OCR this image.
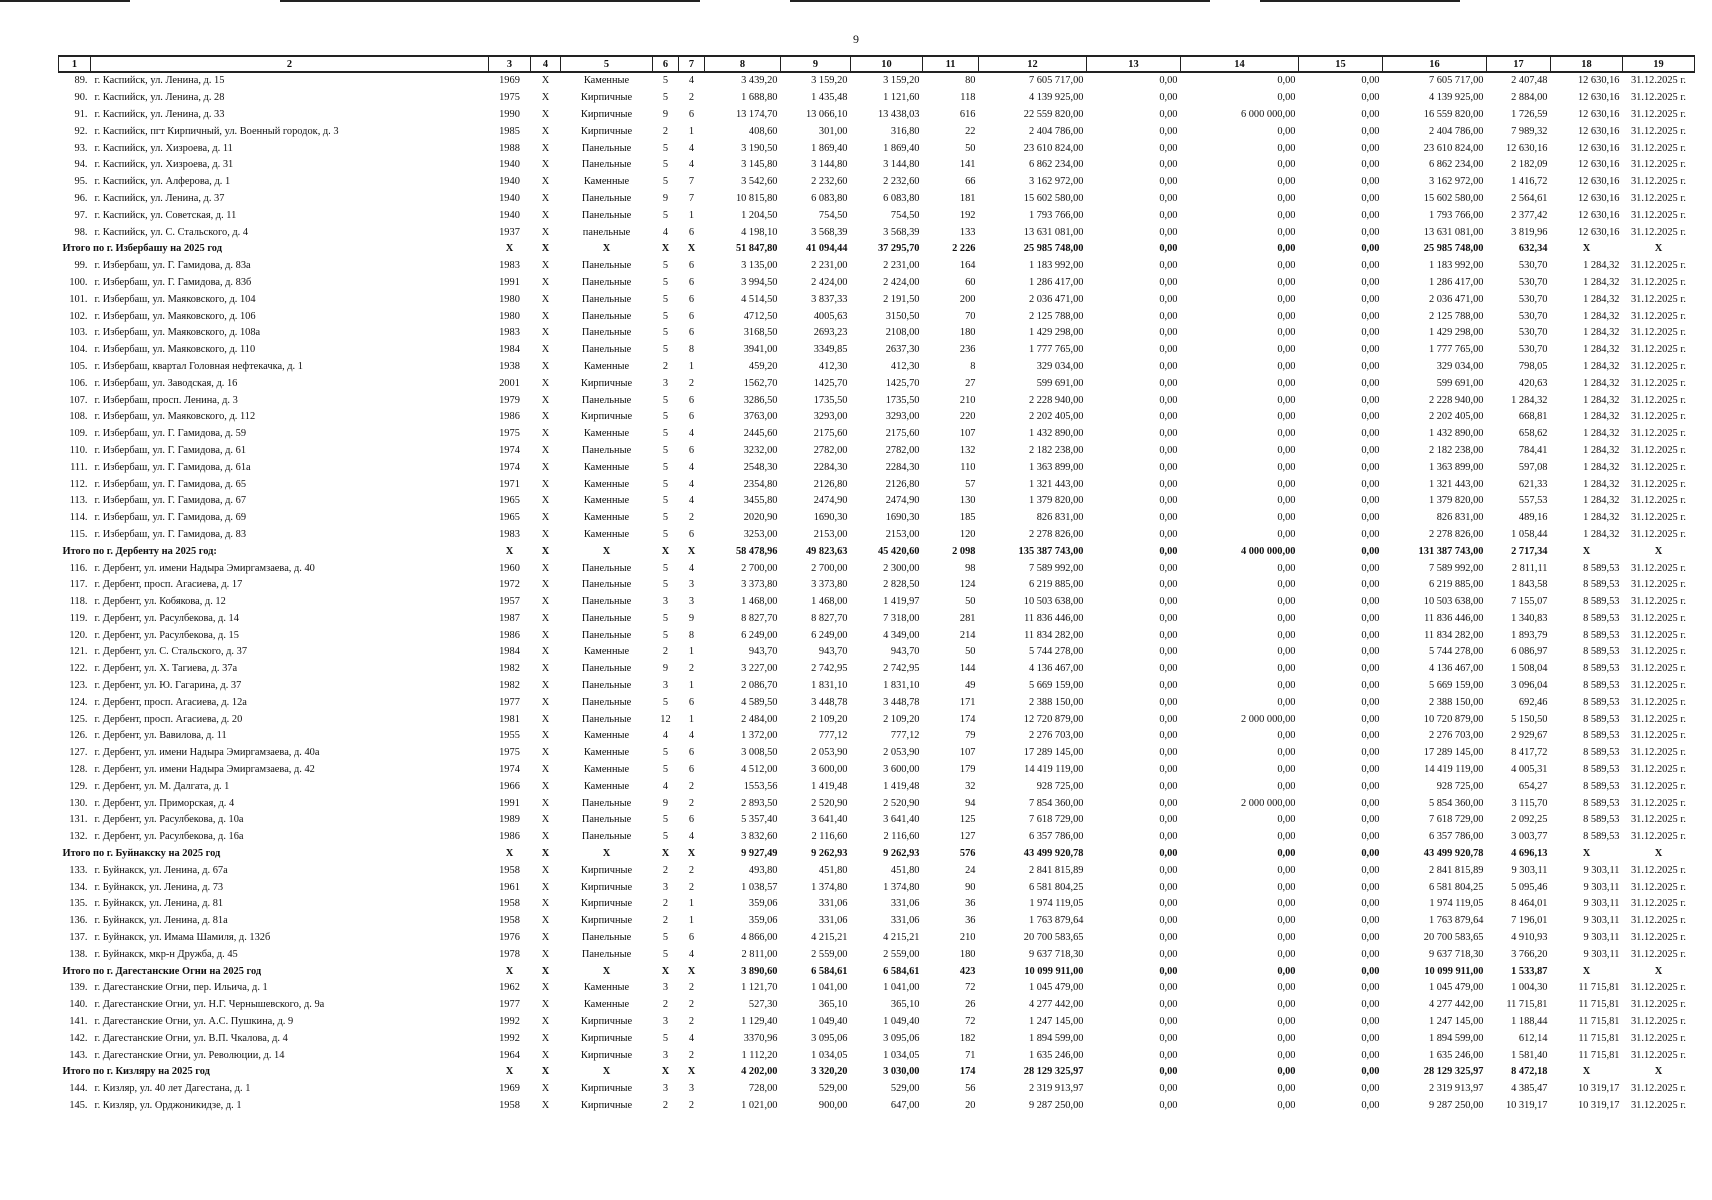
9
1	2	3	4	5	6	7	8	9	10	11	12	13	14	15	16	17	18	19
89.	г. Каспийск, ул. Ленина, д. 15	1969	Х	Каменные	5	4	3 439,20	3 159,20	3 159,20	80	7 605 717,00	0,00	0,00	0,00	7 605 717,00	2 407,48	12 630,16	31.12.2025 г.
90.	г. Каспийск, ул. Ленина, д. 28	1975	Х	Кирпичные	5	2	1 688,80	1 435,48	1 121,60	118	4 139 925,00	0,00	0,00	0,00	4 139 925,00	2 884,00	12 630,16	31.12.2025 г.
91.	г. Каспийск, ул. Ленина, д. 33	1990	Х	Кирпичные	9	6	13 174,70	13 066,10	13 438,03	616	22 559 820,00	0,00	6 000 000,00	0,00	16 559 820,00	1 726,59	12 630,16	31.12.2025 г.
92.	г. Каспийск, пгт Кирпичный, ул. Военный городок, д. 3	1985	Х	Кирпичные	2	1	408,60	301,00	316,80	22	2 404 786,00	0,00	0,00	0,00	2 404 786,00	7 989,32	12 630,16	31.12.2025 г.
93.	г. Каспийск, ул. Хизроева, д. 11	1988	Х	Панельные	5	4	3 190,50	1 869,40	1 869,40	50	23 610 824,00	0,00	0,00	0,00	23 610 824,00	12 630,16	12 630,16	31.12.2025 г.
94.	г. Каспийск, ул. Хизроева, д. 31	1940	Х	Панельные	5	4	3 145,80	3 144,80	3 144,80	141	6 862 234,00	0,00	0,00	0,00	6 862 234,00	2 182,09	12 630,16	31.12.2025 г.
95.	г. Каспийск, ул. Алферова, д. 1	1940	Х	Каменные	5	7	3 542,60	2 232,60	2 232,60	66	3 162 972,00	0,00	0,00	0,00	3 162 972,00	1 416,72	12 630,16	31.12.2025 г.
96.	г. Каспийск, ул. Ленина, д. 37	1940	Х	Панельные	9	7	10 815,80	6 083,80	6 083,80	181	15 602 580,00	0,00	0,00	0,00	15 602 580,00	2 564,61	12 630,16	31.12.2025 г.
97.	г. Каспийск, ул. Советская, д. 11	1940	Х	Панельные	5	1	1 204,50	754,50	754,50	192	1 793 766,00	0,00	0,00	0,00	1 793 766,00	2 377,42	12 630,16	31.12.2025 г.
98.	г. Каспийск, ул. С. Стальского, д. 4	1937	Х	панельные	4	6	4 198,10	3 568,39	3 568,39	133	13 631 081,00	0,00	0,00	0,00	13 631 081,00	3 819,96	12 630,16	31.12.2025 г.
Итого по г. Избербашу на 2025 год		Х	Х	Х	Х	Х	51 847,80	41 094,44	37 295,70	2 226	25 985 748,00	0,00	0,00	0,00	25 985 748,00	632,34	Х	Х
99.	г. Избербаш, ул. Г. Гамидова, д. 83а	1983	Х	Панельные	5	6	3 135,00	2 231,00	2 231,00	164	1 183 992,00	0,00	0,00	0,00	1 183 992,00	530,70	1 284,32	31.12.2025 г.
100.	г. Избербаш, ул. Г. Гамидова, д. 83б	1991	Х	Панельные	5	6	3 994,50	2 424,00	2 424,00	60	1 286 417,00	0,00	0,00	0,00	1 286 417,00	530,70	1 284,32	31.12.2025 г.
101.	г. Избербаш, ул. Маяковского, д. 104	1980	Х	Панельные	5	6	4 514,50	3 837,33	2 191,50	200	2 036 471,00	0,00	0,00	0,00	2 036 471,00	530,70	1 284,32	31.12.2025 г.
102.	г. Избербаш, ул. Маяковского, д. 106	1980	Х	Панельные	5	6	4712,50	4005,63	3150,50	70	2 125 788,00	0,00	0,00	0,00	2 125 788,00	530,70	1 284,32	31.12.2025 г.
103.	г. Избербаш, ул. Маяковского, д. 108а	1983	Х	Панельные	5	6	3168,50	2693,23	2108,00	180	1 429 298,00	0,00	0,00	0,00	1 429 298,00	530,70	1 284,32	31.12.2025 г.
104.	г. Избербаш, ул. Маяковского, д. 110	1984	Х	Панельные	5	8	3941,00	3349,85	2637,30	236	1 777 765,00	0,00	0,00	0,00	1 777 765,00	530,70	1 284,32	31.12.2025 г.
105.	г. Избербаш, квартал Головная нефтекачка, д. 1	1938	Х	Каменные	2	1	459,20	412,30	412,30	8	329 034,00	0,00	0,00	0,00	329 034,00	798,05	1 284,32	31.12.2025 г.
106.	г. Избербаш, ул. Заводская, д. 16	2001	Х	Кирпичные	3	2	1562,70	1425,70	1425,70	27	599 691,00	0,00	0,00	0,00	599 691,00	420,63	1 284,32	31.12.2025 г.
107.	г. Избербаш, просп. Ленина, д. 3	1979	Х	Панельные	5	6	3286,50	1735,50	1735,50	210	2 228 940,00	0,00	0,00	0,00	2 228 940,00	1 284,32	1 284,32	31.12.2025 г.
108.	г. Избербаш, ул. Маяковского, д. 112	1986	Х	Кирпичные	5	6	3763,00	3293,00	3293,00	220	2 202 405,00	0,00	0,00	0,00	2 202 405,00	668,81	1 284,32	31.12.2025 г.
109.	г. Избербаш, ул. Г. Гамидова, д. 59	1975	Х	Каменные	5	4	2445,60	2175,60	2175,60	107	1 432 890,00	0,00	0,00	0,00	1 432 890,00	658,62	1 284,32	31.12.2025 г.
110.	г. Избербаш, ул. Г. Гамидова, д. 61	1974	Х	Панельные	5	6	3232,00	2782,00	2782,00	132	2 182 238,00	0,00	0,00	0,00	2 182 238,00	784,41	1 284,32	31.12.2025 г.
111.	г. Избербаш, ул. Г. Гамидова, д. 61а	1974	Х	Каменные	5	4	2548,30	2284,30	2284,30	110	1 363 899,00	0,00	0,00	0,00	1 363 899,00	597,08	1 284,32	31.12.2025 г.
112.	г. Избербаш, ул. Г. Гамидова, д. 65	1971	Х	Каменные	5	4	2354,80	2126,80	2126,80	57	1 321 443,00	0,00	0,00	0,00	1 321 443,00	621,33	1 284,32	31.12.2025 г.
113.	г. Избербаш, ул. Г. Гамидова, д. 67	1965	Х	Каменные	5	4	3455,80	2474,90	2474,90	130	1 379 820,00	0,00	0,00	0,00	1 379 820,00	557,53	1 284,32	31.12.2025 г.
114.	г. Избербаш, ул. Г. Гамидова, д. 69	1965	Х	Каменные	5	2	2020,90	1690,30	1690,30	185	826 831,00	0,00	0,00	0,00	826 831,00	489,16	1 284,32	31.12.2025 г.
115.	г. Избербаш, ул. Г. Гамидова, д. 83	1983	Х	Каменные	5	6	3253,00	2153,00	2153,00	120	2 278 826,00	0,00	0,00	0,00	2 278 826,00	1 058,44	1 284,32	31.12.2025 г.
Итого по г. Дербенту на 2025 год:		Х	Х	Х	Х	Х	58 478,96	49 823,63	45 420,60	2 098	135 387 743,00	0,00	4 000 000,00	0,00	131 387 743,00	2 717,34	Х	Х
116.	г. Дербент, ул. имени Надыра Эмиргамзаева, д. 40	1960	Х	Панельные	5	4	2 700,00	2 700,00	2 300,00	98	7 589 992,00	0,00	0,00	0,00	7 589 992,00	2 811,11	8 589,53	31.12.2025 г.
117.	г. Дербент, просп. Агасиева, д. 17	1972	Х	Панельные	5	3	3 373,80	3 373,80	2 828,50	124	6 219 885,00	0,00	0,00	0,00	6 219 885,00	1 843,58	8 589,53	31.12.2025 г.
118.	г. Дербент, ул. Кобякова, д. 12	1957	Х	Панельные	3	3	1 468,00	1 468,00	1 419,97	50	10 503 638,00	0,00	0,00	0,00	10 503 638,00	7 155,07	8 589,53	31.12.2025 г.
119.	г. Дербент, ул. Расулбекова, д. 14	1987	Х	Панельные	5	9	8 827,70	8 827,70	7 318,00	281	11 836 446,00	0,00	0,00	0,00	11 836 446,00	1 340,83	8 589,53	31.12.2025 г.
120.	г. Дербент, ул. Расулбекова, д. 15	1986	Х	Панельные	5	8	6 249,00	6 249,00	4 349,00	214	11 834 282,00	0,00	0,00	0,00	11 834 282,00	1 893,79	8 589,53	31.12.2025 г.
121.	г. Дербент, ул. С. Стальского, д. 37	1984	Х	Каменные	2	1	943,70	943,70	943,70	50	5 744 278,00	0,00	0,00	0,00	5 744 278,00	6 086,97	8 589,53	31.12.2025 г.
122.	г. Дербент, ул. Х. Тагиева, д. 37а	1982	Х	Панельные	9	2	3 227,00	2 742,95	2 742,95	144	4 136 467,00	0,00	0,00	0,00	4 136 467,00	1 508,04	8 589,53	31.12.2025 г.
123.	г. Дербент, ул. Ю. Гагарина, д. 37	1982	Х	Панельные	3	1	2 086,70	1 831,10	1 831,10	49	5 669 159,00	0,00	0,00	0,00	5 669 159,00	3 096,04	8 589,53	31.12.2025 г.
124.	г. Дербент, просп. Агасиева, д. 12а	1977	Х	Панельные	5	6	4 589,50	3 448,78	3 448,78	171	2 388 150,00	0,00	0,00	0,00	2 388 150,00	692,46	8 589,53	31.12.2025 г.
125.	г. Дербент, просп. Агасиева, д. 20	1981	Х	Панельные	12	1	2 484,00	2 109,20	2 109,20	174	12 720 879,00	0,00	2 000 000,00	0,00	10 720 879,00	5 150,50	8 589,53	31.12.2025 г.
126.	г. Дербент, ул. Вавилова, д. 11	1955	Х	Каменные	4	4	1 372,00	777,12	777,12	79	2 276 703,00	0,00	0,00	0,00	2 276 703,00	2 929,67	8 589,53	31.12.2025 г.
127.	г. Дербент, ул. имени Надыра Эмиргамзаева, д. 40а	1975	Х	Каменные	5	6	3 008,50	2 053,90	2 053,90	107	17 289 145,00	0,00	0,00	0,00	17 289 145,00	8 417,72	8 589,53	31.12.2025 г.
128.	г. Дербент, ул. имени Надыра Эмиргамзаева, д. 42	1974	Х	Каменные	5	6	4 512,00	3 600,00	3 600,00	179	14 419 119,00	0,00	0,00	0,00	14 419 119,00	4 005,31	8 589,53	31.12.2025 г.
129.	г. Дербент, ул. М. Далгата, д. 1	1966	Х	Каменные	4	2	1553,56	1 419,48	1 419,48	32	928 725,00	0,00	0,00	0,00	928 725,00	654,27	8 589,53	31.12.2025 г.
130.	г. Дербент, ул. Приморская, д. 4	1991	Х	Панельные	9	2	2 893,50	2 520,90	2 520,90	94	7 854 360,00	0,00	2 000 000,00	0,00	5 854 360,00	3 115,70	8 589,53	31.12.2025 г.
131.	г. Дербент, ул. Расулбекова, д. 10а	1989	Х	Панельные	5	6	5 357,40	3 641,40	3 641,40	125	7 618 729,00	0,00	0,00	0,00	7 618 729,00	2 092,25	8 589,53	31.12.2025 г.
132.	г. Дербент, ул. Расулбекова, д. 16а	1986	Х	Панельные	5	4	3 832,60	2 116,60	2 116,60	127	6 357 786,00	0,00	0,00	0,00	6 357 786,00	3 003,77	8 589,53	31.12.2025 г.
Итого по г. Буйнакску на 2025 год		Х	Х	Х	Х	Х	9 927,49	9 262,93	9 262,93	576	43 499 920,78	0,00	0,00	0,00	43 499 920,78	4 696,13	Х	Х
133.	г. Буйнакск, ул. Ленина, д. 67а	1958	Х	Кирпичные	2	2	493,80	451,80	451,80	24	2 841 815,89	0,00	0,00	0,00	2 841 815,89	9 303,11	9 303,11	31.12.2025 г.
134.	г. Буйнакск, ул. Ленина, д. 73	1961	Х	Кирпичные	3	2	1 038,57	1 374,80	1 374,80	90	6 581 804,25	0,00	0,00	0,00	6 581 804,25	5 095,46	9 303,11	31.12.2025 г.
135.	г. Буйнакск, ул. Ленина, д. 81	1958	Х	Кирпичные	2	1	359,06	331,06	331,06	36	1 974 119,05	0,00	0,00	0,00	1 974 119,05	8 464,01	9 303,11	31.12.2025 г.
136.	г. Буйнакск, ул. Ленина, д. 81а	1958	Х	Кирпичные	2	1	359,06	331,06	331,06	36	1 763 879,64	0,00	0,00	0,00	1 763 879,64	7 196,01	9 303,11	31.12.2025 г.
137.	г. Буйнакск, ул. Имама Шамиля, д. 132б	1976	Х	Панельные	5	6	4 866,00	4 215,21	4 215,21	210	20 700 583,65	0,00	0,00	0,00	20 700 583,65	4 910,93	9 303,11	31.12.2025 г.
138.	г. Буйнакск, мкр-н Дружба, д. 45	1978	Х	Панельные	5	4	2 811,00	2 559,00	2 559,00	180	9 637 718,30	0,00	0,00	0,00	9 637 718,30	3 766,20	9 303,11	31.12.2025 г.
Итого по г. Дагестанские Огни на 2025 год		Х	Х	Х	Х	Х	3 890,60	6 584,61	6 584,61	423	10 099 911,00	0,00	0,00	0,00	10 099 911,00	1 533,87	Х	Х
139.	г. Дагестанские Огни, пер. Ильича, д. 1	1962	Х	Каменные	3	2	1 121,70	1 041,00	1 041,00	72	1 045 479,00	0,00	0,00	0,00	1 045 479,00	1 004,30	11 715,81	31.12.2025 г.
140.	г. Дагестанские Огни, ул. Н.Г. Чернышевского, д. 9а	1977	Х	Каменные	2	2	527,30	365,10	365,10	26	4 277 442,00	0,00	0,00	0,00	4 277 442,00	11 715,81	11 715,81	31.12.2025 г.
141.	г. Дагестанские Огни, ул. А.С. Пушкина, д. 9	1992	Х	Кирпичные	3	2	1 129,40	1 049,40	1 049,40	72	1 247 145,00	0,00	0,00	0,00	1 247 145,00	1 188,44	11 715,81	31.12.2025 г.
142.	г. Дагестанские Огни, ул. В.П. Чкалова, д. 4	1992	Х	Кирпичные	5	4	3370,96	3 095,06	3 095,06	182	1 894 599,00	0,00	0,00	0,00	1 894 599,00	612,14	11 715,81	31.12.2025 г.
143.	г. Дагестанские Огни, ул. Революции, д. 14	1964	Х	Кирпичные	3	2	1 112,20	1 034,05	1 034,05	71	1 635 246,00	0,00	0,00	0,00	1 635 246,00	1 581,40	11 715,81	31.12.2025 г.
Итого по г. Кизляру на 2025 год		Х	Х	Х	Х	Х	4 202,00	3 320,20	3 030,00	174	28 129 325,97	0,00	0,00	0,00	28 129 325,97	8 472,18	Х	Х
144.	г. Кизляр, ул. 40 лет Дагестана, д. 1	1969	Х	Кирпичные	3	3	728,00	529,00	529,00	56	2 319 913,97	0,00	0,00	0,00	2 319 913,97	4 385,47	10 319,17	31.12.2025 г.
145.	г. Кизляр, ул. Орджоникидзе, д. 1	1958	Х	Кирпичные	2	2	1 021,00	900,00	647,00	20	9 287 250,00	0,00	0,00	0,00	9 287 250,00	10 319,17	10 319,17	31.12.2025 г.
